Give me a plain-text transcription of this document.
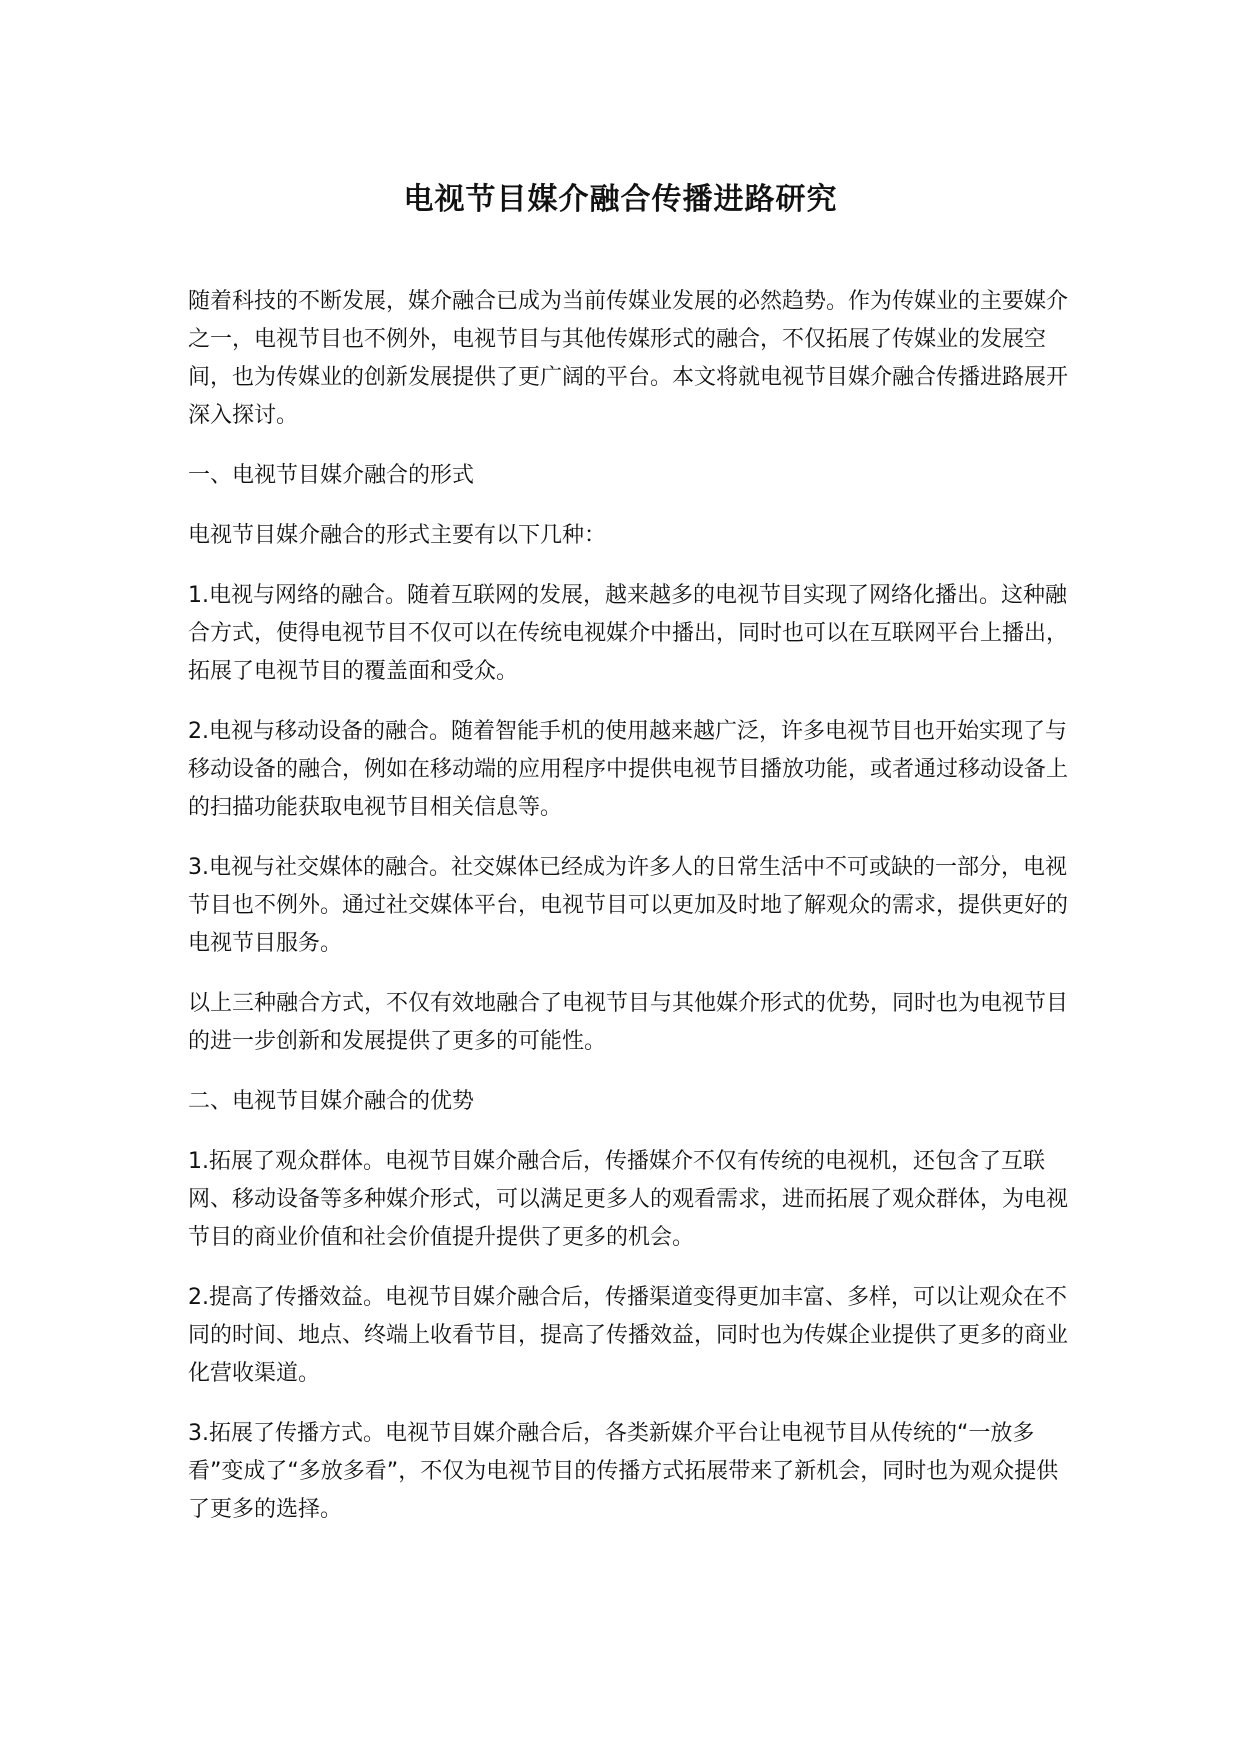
电视节目媒介融合传播进路研究

随着科技的不断发展，媒介融合已成为当前传媒业发展的必然趋势。作为传媒业的主要媒介之一，电视节目也不例外，电视节目与其他传媒形式的融合，不仅拓展了传媒业的发展空间，也为传媒业的创新发展提供了更广阔的平台。本文将就电视节目媒介融合传播进路展开深入探讨。

一、电视节目媒介融合的形式

电视节目媒介融合的形式主要有以下几种：

1.电视与网络的融合。随着互联网的发展，越来越多的电视节目实现了网络化播出。这种融合方式，使得电视节目不仅可以在传统电视媒介中播出，同时也可以在互联网平台上播出，拓展了电视节目的覆盖面和受众。

2.电视与移动设备的融合。随着智能手机的使用越来越广泛，许多电视节目也开始实现了与移动设备的融合，例如在移动端的应用程序中提供电视节目播放功能，或者通过移动设备上的扫描功能获取电视节目相关信息等。

3.电视与社交媒体的融合。社交媒体已经成为许多人的日常生活中不可或缺的一部分，电视节目也不例外。通过社交媒体平台，电视节目可以更加及时地了解观众的需求，提供更好的电视节目服务。

以上三种融合方式，不仅有效地融合了电视节目与其他媒介形式的优势，同时也为电视节目的进一步创新和发展提供了更多的可能性。

二、电视节目媒介融合的优势

1.拓展了观众群体。电视节目媒介融合后，传播媒介不仅有传统的电视机，还包含了互联网、移动设备等多种媒介形式，可以满足更多人的观看需求，进而拓展了观众群体，为电视节目的商业价值和社会价值提升提供了更多的机会。

2.提高了传播效益。电视节目媒介融合后，传播渠道变得更加丰富、多样，可以让观众在不同的时间、地点、终端上收看节目，提高了传播效益，同时也为传媒企业提供了更多的商业化营收渠道。

3.拓展了传播方式。电视节目媒介融合后，各类新媒介平台让电视节目从传统的“一放多看”变成了“多放多看”，不仅为电视节目的传播方式拓展带来了新机会，同时也为观众提供了更多的选择。
